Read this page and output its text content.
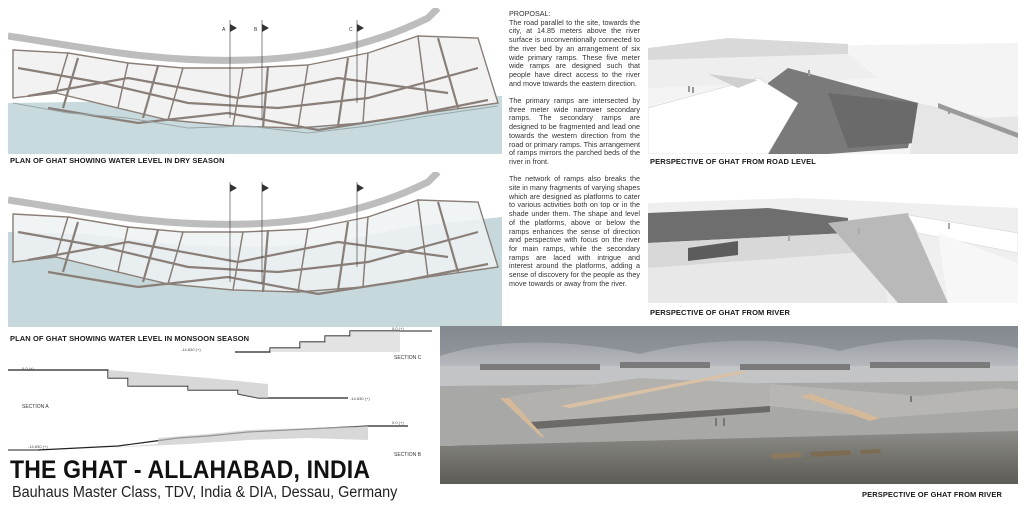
A	B	C
PLAN OF GHAT SHOWING WATER LEVEL IN DRY SEASON
PLAN OF GHAT SHOWING WATER LEVEL IN MONSOON SEASON
PROPOSAL:

The road parallel to the site, towards the city, at 14.85 meters above the river surface is unconventionally connected to the river bed by an arrangement of six wide primary ramps. These five meter wide ramps are designed such that people have direct access to the river and move towards the eastern direction.

The primary ramps are intersected by three meter wide narrower secondary ramps. The secondary ramps are designed to be fragmented and lead one towards the western direction from the road or primary ramps. This arrangement of ramps mirrors the parched beds of the river in front.

The network of ramps also breaks the site in many fragments of varying shapes which are designed as platforms to cater to various activities both on top or in the shade under them. The shape and level of the platforms, above or below the ramps enhances the sense of direction and perspective with focus on the river for main ramps, while the secondary ramps are laced with intrigue and interest around the platforms, adding a sense of discovery for the people as they move towards or away from the river.

PERSPECTIVE OF GHAT FROM ROAD LEVEL
PERSPECTIVE OF GHAT FROM RIVER
0.0 (+)
-14.830 (+)
SECTION C
0.0 (+)
-14.830 (+)
SECTION A
0.0 (+)
-14.830 (+)
SECTION B
PERSPECTIVE OF GHAT FROM RIVER
THE GHAT - ALLAHABAD, INDIA
Bauhaus Master Class, TDV, India & DIA, Dessau, Germany
